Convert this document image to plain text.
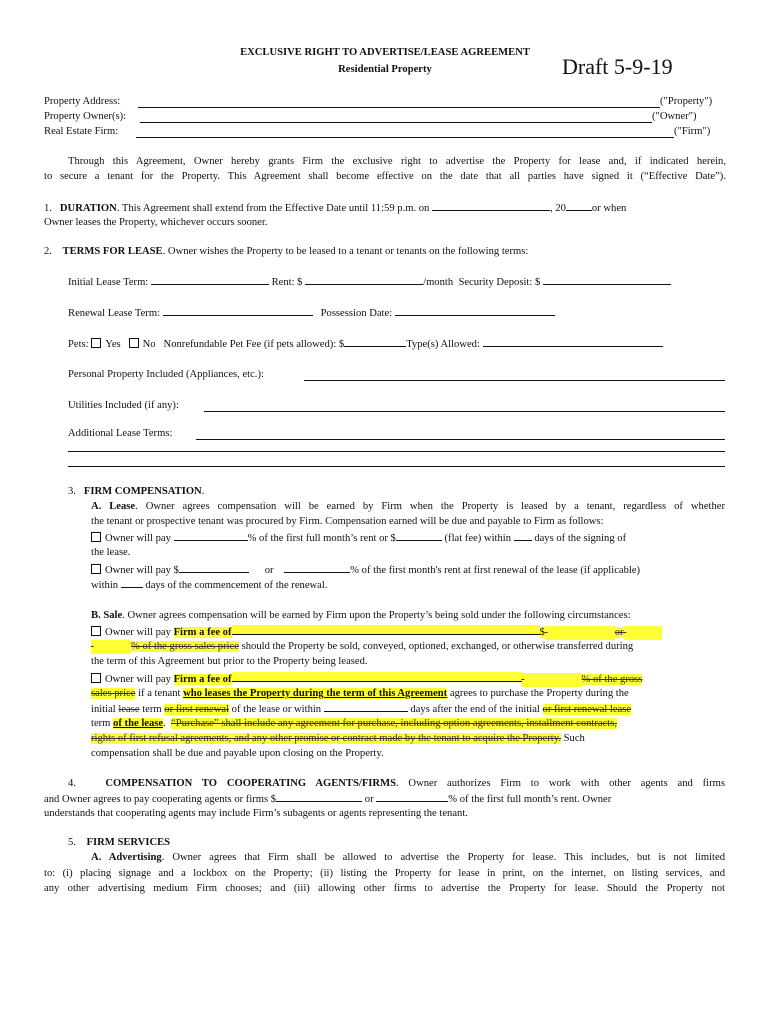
EXCLUSIVE RIGHT TO ADVERTISE/LEASE AGREEMENT
Residential Property	Draft 5-9-19
Property Address:	("Property")
Property Owner(s):	("Owner")
Real Estate Firm:	("Firm")
Through this Agreement, Owner hereby grants Firm the exclusive right to advertise the Property for lease and, if indicated herein,
to secure a tenant for the Property. This Agreement shall become effective on the date that all parties have signed it (“Effective Date”).
1. DURATION. This Agreement shall extend from the Effective Date until 11:59 p.m. on	, 20 or when
Owner leases the Property, whichever occurs sooner.
2. TERMS FOR LEASE. Owner wishes the Property to be leased to a tenant or tenants on the following terms:
Initial Lease Term:	Rent: $	/month Security Deposit: $
Renewal Lease Term:	Possession Date:
Pets: Yes No Nonrefundable Pet Fee (if pets allowed): $	Type(s) Allowed:
Personal Property Included (Appliances, etc.):
Utilities Included (if any):
Additional Lease Terms:
3. FIRM COMPENSATION.
A. Lease. Owner agrees compensation will be earned by Firm when the Property is leased by a tenant, regardless of whether
the tenant or prospective tenant was procured by Firm. Compensation earned will be due and payable to Firm as follows:
Owner will pay	% of the first full month’s rent or $	(flat fee) within days of the signing of
the lease.
Owner will pay $	or	% of the first month's rent at first renewal of the lease (if applicable)
within	days of the commencement of the renewal.
B. Sale. Owner agrees compensation will be earned by Firm upon the Property’s being sold under the following circumstances:
Owner will pay Firm a fee of	$	or
% of the gross sales price should the Property be sold, conveyed, optioned, exchanged, or otherwise transferred during
the term of this Agreement but prior to the Property being leased.
Owner will pay Firm a fee of	% of the gross
sales price if a tenant who leases the Property during the term of this Agreement agrees to purchase the Property during the
initial lease term or first renewal of the lease or within	days after the end of the initial or first renewal lease
term of the lease.  “Purchase” shall include any agreement for purchase, including option agreements, installment contracts,
rights of first refusal agreements, and any other promise or contract made by the tenant to acquire the Property. Such
compensation shall be due and payable upon closing on the Property.
4.	COMPENSATION TO COOPERATING AGENTS/FIRMS. Owner authorizes Firm to work with other agents and firms
and Owner agrees to pay cooperating agents or firms $	or	% of the first full month’s rent. Owner
understands that cooperating agents may include Firm’s subagents or agents representing the tenant.
5. FIRM SERVICES
A. Advertising. Owner agrees that Firm shall be allowed to advertise the Property for lease. This includes, but is not limited
to: (i) placing signage and a lockbox on the Property; (ii) listing the Property for lease in print, on the internet, on listing services, and
any other advertising medium Firm chooses; and (iii) allowing other firms to advertise the Property for lease. Should the Property not
